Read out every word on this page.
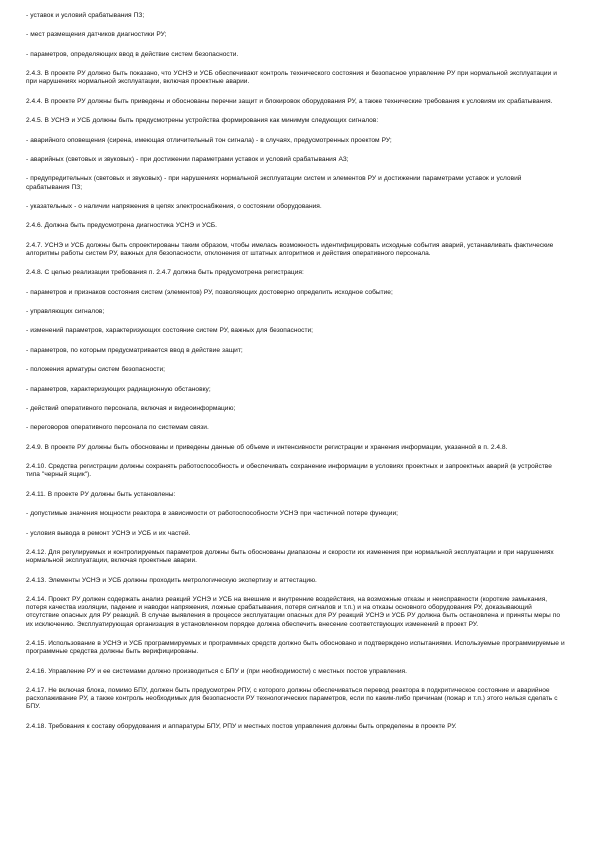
- уставок и условий срабатывания ПЗ;

- мест размещения датчиков диагностики РУ;

- параметров, определяющих ввод в действие систем безопасности.

2.4.3. В проекте РУ должно быть показано, что УСНЭ и УСБ обеспечивают контроль технического состояния и безопасное управление РУ при нормальной эксплуатации и при нарушениях нормальной эксплуатации, включая проектные аварии.

2.4.4. В проекте РУ должны быть приведены и обоснованы перечни защит и блокировок оборудования РУ, а также технические требования к условиям их срабатывания.

2.4.5. В УСНЭ и УСБ должны быть предусмотрены устройства формирования как минимум следующих сигналов:

- аварийного оповещения (сирена, имеющая отличительный тон сигнала) - в случаях, предусмотренных проектом РУ;

- аварийных (световых и звуковых) - при достижении параметрами уставок и условий срабатывания АЗ;

- предупредительных (световых и звуковых) - при нарушениях нормальной эксплуатации систем и элементов РУ и достижении параметрами уставок и условий срабатывания ПЗ;

- указательных - о наличии напряжения в цепях электроснабжения, о состоянии оборудования.

2.4.6. Должна быть предусмотрена диагностика УСНЭ и УСБ.

2.4.7. УСНЭ и УСБ должны быть спроектированы таким образом, чтобы имелась возможность идентифицировать исходные события аварий, устанавливать фактические алгоритмы работы систем РУ, важных для безопасности, отклонения от штатных алгоритмов и действия оперативного персонала.

2.4.8. С целью реализации требования п. 2.4.7 должна быть предусмотрена регистрация:

- параметров и признаков состояния систем (элементов) РУ, позволяющих достоверно определить исходное событие;

- управляющих сигналов;

- изменений параметров, характеризующих состояние систем РУ, важных для безопасности;

- параметров, по которым предусматривается ввод в действие защит;

- положения арматуры систем безопасности;

- параметров, характеризующих радиационную обстановку;

- действий оперативного персонала, включая и видеоинформацию;

- переговоров оперативного персонала по системам связи.

2.4.9. В проекте РУ должны быть обоснованы и приведены данные об объеме и интенсивности регистрации и хранения информации, указанной в п. 2.4.8.

2.4.10. Средства регистрации должны сохранять работоспособность и обеспечивать сохранение информации в условиях проектных и запроектных аварий (в устройстве типа "черный ящик").

2.4.11. В проекте РУ должны быть установлены:

- допустимые значения мощности реактора в зависимости от работоспособности УСНЭ при частичной потере функции;

- условия вывода в ремонт УСНЭ и УСБ и их частей.

2.4.12. Для регулируемых и контролируемых параметров должны быть обоснованы диапазоны и скорости их изменения при нормальной эксплуатации и при нарушениях нормальной эксплуатации, включая проектные аварии.

2.4.13. Элементы УСНЭ и УСБ должны проходить метрологическую экспертизу и аттестацию.

2.4.14. Проект РУ должен содержать анализ реакций УСНЭ и УСБ на внешние и внутренние воздействия, на возможные отказы и неисправности (короткие замыкания, потеря качества изоляции, падение и наводки напряжения, ложные срабатывания, потеря сигналов и т.п.) и на отказы основного оборудования РУ, доказывающий отсутствие опасных для РУ реакций. В случае выявления в процессе эксплуатации опасных для РУ реакций УСНЭ и УСБ РУ должна быть остановлена и приняты меры по их исключению. Эксплуатирующая организация в установленном порядке должна обеспечить внесение соответствующих изменений в проект РУ.

2.4.15. Использование в УСНЭ и УСБ программируемых и программных средств должно быть обосновано и подтверждено испытаниями. Используемые программируемые и программные средства должны быть верифицированы.

2.4.16. Управление РУ и ее системами должно производиться с БПУ и (при необходимости) с местных постов управления.

2.4.17. Не включая блока, помимо БПУ, должен быть предусмотрен РПУ, с которого должны обеспечиваться перевод реактора в подкритическое состояние и аварийное расхолаживание РУ, а также контроль необходимых для безопасности РУ технологических параметров, если по каким-либо причинам (пожар и т.п.) этого нельзя сделать с БПУ.

2.4.18. Требования к составу оборудования и аппаратуры БПУ, РПУ и местных постов управления должны быть определены в проекте РУ.
